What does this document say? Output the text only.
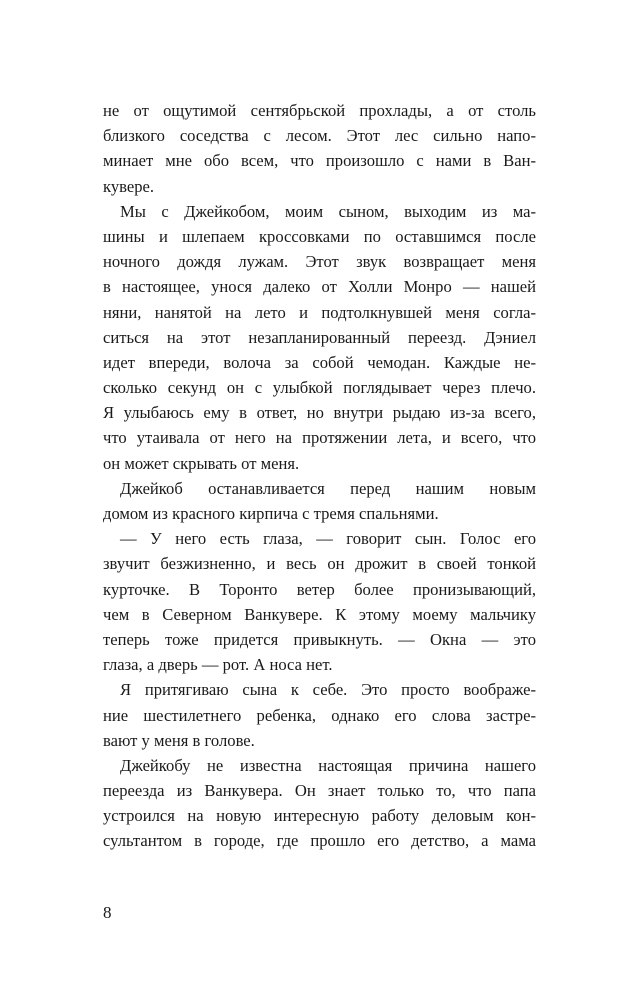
не от ощутимой сентябрьской прохлады, а от столь
близкого соседства с лесом. Этот лес сильно напо-
минает мне обо всем, что произошло с нами в Ван-
кувере.
Мы с Джейкобом, моим сыном, выходим из ма-
шины и шлепаем кроссовками по оставшимся после
ночного дождя лужам. Этот звук возвращает меня
в настоящее, унося далеко от Холли Монро — нашей
няни, нанятой на лето и подтолкнувшей меня согла-
ситься на этот незапланированный переезд. Дэниел
идет впереди, волоча за собой чемодан. Каждые не-
сколько секунд он с улыбкой поглядывает через плечо.
Я улыбаюсь ему в ответ, но внутри рыдаю из-за всего,
что утаивала от него на протяжении лета, и всего, что
он может скрывать от меня.
Джейкоб останавливается перед нашим новым
домом из красного кирпича с тремя спальнями.
— У него есть глаза, — говорит сын. Голос его
звучит безжизненно, и весь он дрожит в своей тонкой
курточке. В Торонто ветер более пронизывающий,
чем в Северном Ванкувере. К этому моему мальчику
теперь тоже придется привыкнуть. — Окна — это
глаза, а дверь — рот. А носа нет.
Я притягиваю сына к себе. Это просто воображе-
ние шестилетнего ребенка, однако его слова застре-
вают у меня в голове.
Джейкобу не известна настоящая причина нашего
переезда из Ванкувера. Он знает только то, что папа
устроился на новую интересную работу деловым кон-
сультантом в городе, где прошло его детство, а мама
8
